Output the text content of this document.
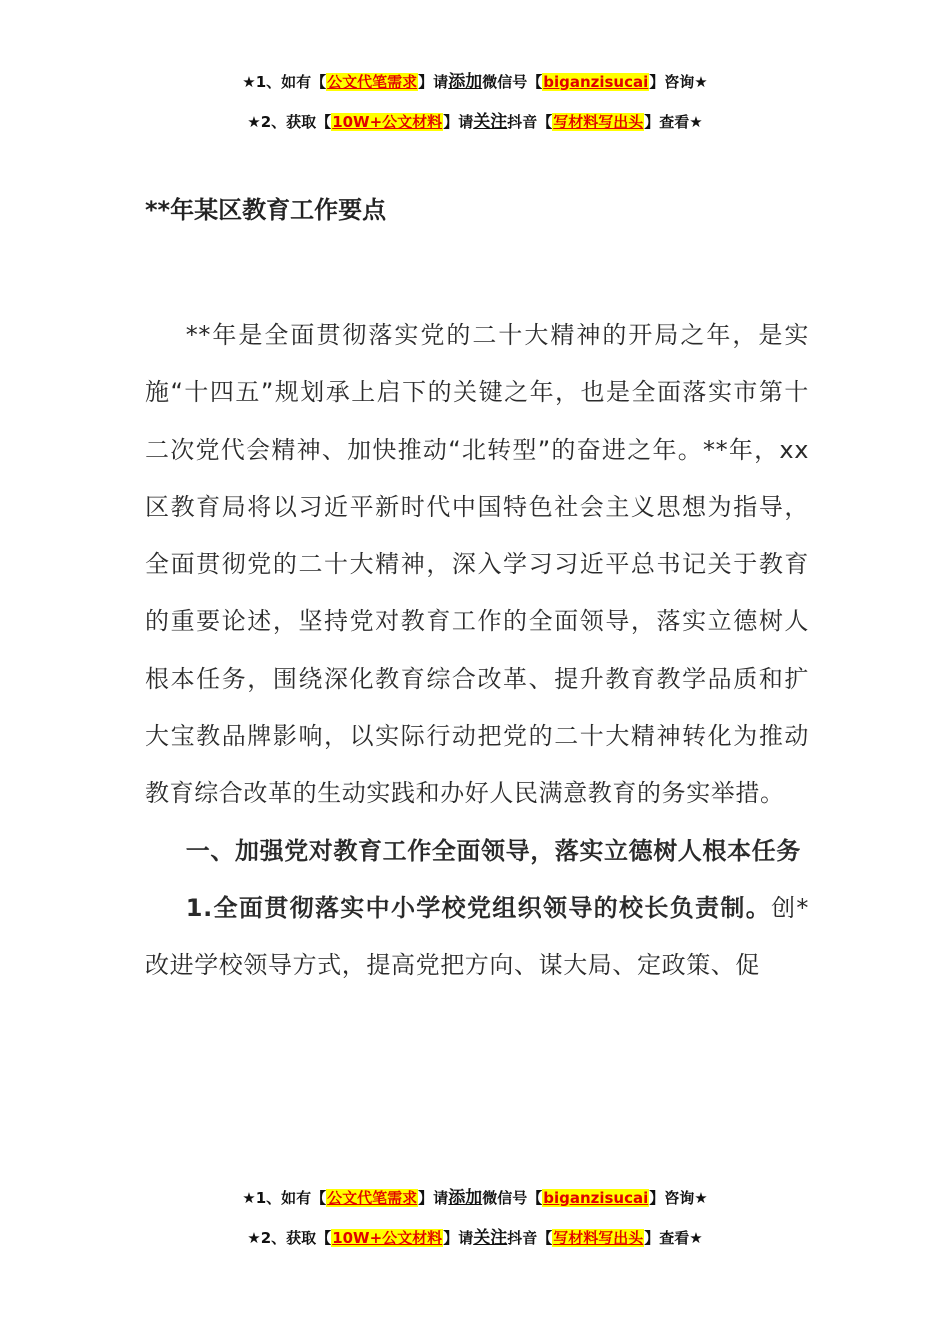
★1、如有【公文代笔需求】请添加微信号【biganzisucai】咨询★
★2、获取【10W+公文材料】请关注抖音【写材料写出头】查看★
**年某区教育工作要点

**年是全面贯彻落实党的二十大精神的开局之年，是实施“十四五”规划承上启下的关键之年，也是全面落实市第十二次党代会精神、加快推动“北转型”的奋进之年。**年，xx区教育局将以习近平新时代中国特色社会主义思想为指导，全面贯彻党的二十大精神，深入学习习近平总书记关于教育的重要论述，坚持党对教育工作的全面领导，落实立德树人根本任务，围绕深化教育综合改革、提升教育教学品质和扩大宝教品牌影响，以实际行动把党的二十大精神转化为推动教育综合改革的生动实践和办好人民满意教育的务实举措。

一、加强党对教育工作全面领导，落实立德树人根本任务

1.全面贯彻落实中小学校党组织领导的校长负责制。创*改进学校领导方式，提高党把方向、谋大局、定政策、促

★1、如有【公文代笔需求】请添加微信号【biganzisucai】咨询★
★2、获取【10W+公文材料】请关注抖音【写材料写出头】查看★
